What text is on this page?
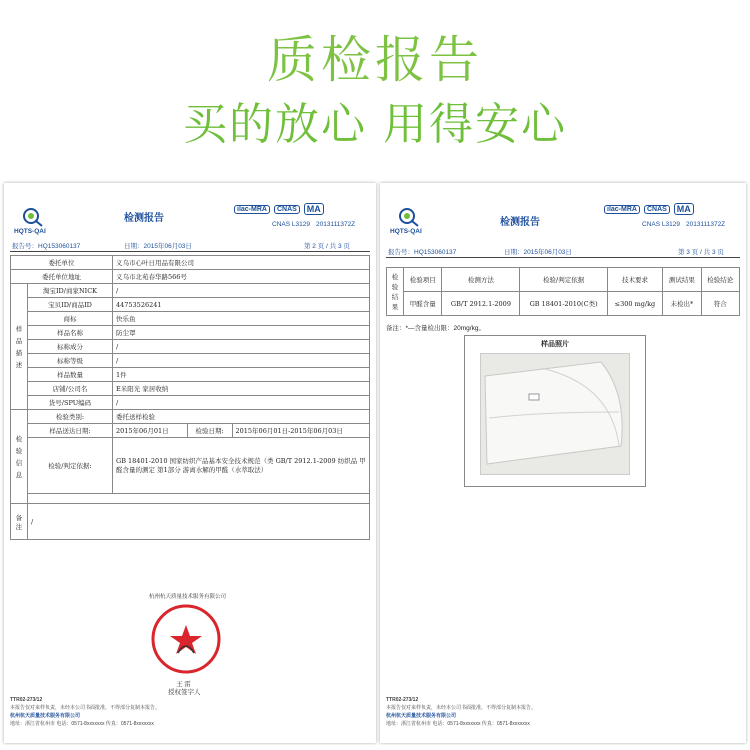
质检报告
买的放心 用得安心
HQTS-QAI
检测报告
ilac-MRA	CNAS	MA
CNAS L3129 2013111372Z
报告号：HQ153060137	日期：2015年06月03日	第 2 页 / 共 3 页
委托单位		义乌市心叶日用品有限公司		
委托单位地址		义乌市北苑春华路566号		
样品描述	淘宝ID/商家NICK	/		
	宝贝ID/商品ID	44753526241		
	商标	快乐鱼		
	样品名称	防尘罩		
	标称成分	/		
	标称等级	/		
	样品数量	1件		
	店铺/公司名	E米阳光 家居收纳		
	货号/SPU编码	/		
检验信息	检验类别:	委托送样检验		
	样品送达日期:	2015年06月01日	检验日期:	2015年06月01日-2015年06月03日
	检验/判定依据:	GB 18401-2010 国家纺织产品基本安全技术规范（类 GB/T 2912.1-2009 纺织品 甲醛含量的测定 第1部分 游离水解的甲醛（水萃取法）		

备注	/			
杭州杭天质量技术服务有限公司
王 雷
授权签字人
TTR02-273/12
本报告仅对来样负责，未经本公司书面批准，不得部分复制本报告。
杭州杭天质量技术服务有限公司
地址：浙江省杭州市 电话：0571-8xxxxxxx 传真：0571-8xxxxxxx
HQTS-QAI
检测报告
ilac-MRA	CNAS	MA
CNAS L3129 2013111372Z
报告号：HQ153060137	日期：2015年06月03日	第 3 页 / 共 3 页
检验结果	检验项目	检测方法	检验/判定依据	技术要求	测试结果	检验结论
	甲醛含量	GB/T 2912.1-2009	GB 18401-2010(C类)	≤300 mg/kg	未检出*	符合
备注：*—含量检出限：20mg/kg。
样品照片
TTR02-273/12
本报告仅对来样负责，未经本公司书面批准，不得部分复制本报告。
杭州杭天质量技术服务有限公司
地址：浙江省杭州市 电话：0571-8xxxxxxx 传真：0571-8xxxxxxx
